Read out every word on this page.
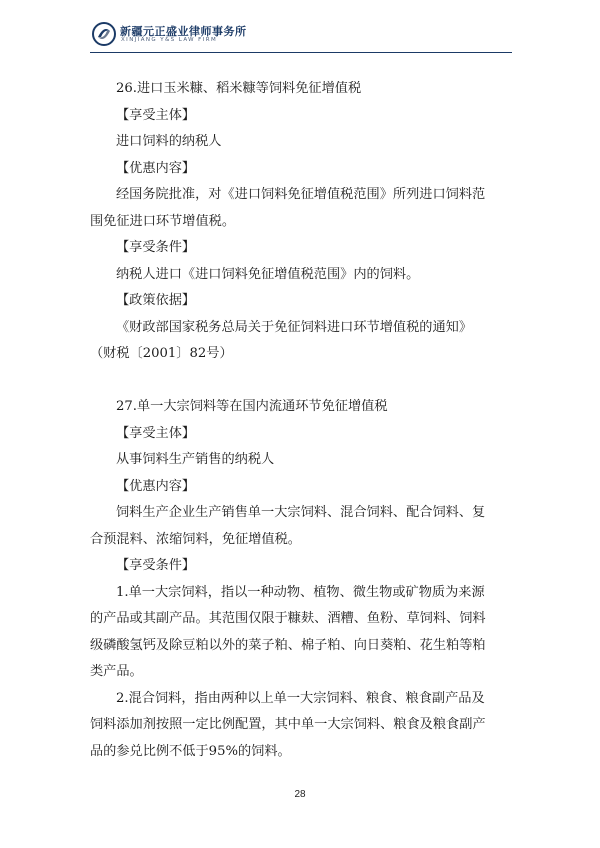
新疆元正盛业律师事务所
XINJIANG Y&S LAW FIRM

26.进口玉米糠、稻米糠等饲料免征增值税

【享受主体】

进口饲料的纳税人

【优惠内容】

经国务院批准，对《进口饲料免征增值税范围》所列进口饲料范

围免征进口环节增值税。

【享受条件】

纳税人进口《进口饲料免征增值税范围》内的饲料。

【政策依据】

《财政部国家税务总局关于免征饲料进口环节增值税的通知》

（财税〔2001〕82号）

27.单一大宗饲料等在国内流通环节免征增值税

【享受主体】

从事饲料生产销售的纳税人

【优惠内容】

饲料生产企业生产销售单一大宗饲料、混合饲料、配合饲料、复

合预混料、浓缩饲料，免征增值税。

【享受条件】

1.单一大宗饲料，指以一种动物、植物、微生物或矿物质为来源

的产品或其副产品。其范围仅限于糠麸、酒糟、鱼粉、草饲料、饲料

级磷酸氢钙及除豆粕以外的菜子粕、棉子粕、向日葵粕、花生粕等粕

类产品。

2.混合饲料，指由两种以上单一大宗饲料、粮食、粮食副产品及

饲料添加剂按照一定比例配置，其中单一大宗饲料、粮食及粮食副产

品的参兑比例不低于95%的饲料。

28
